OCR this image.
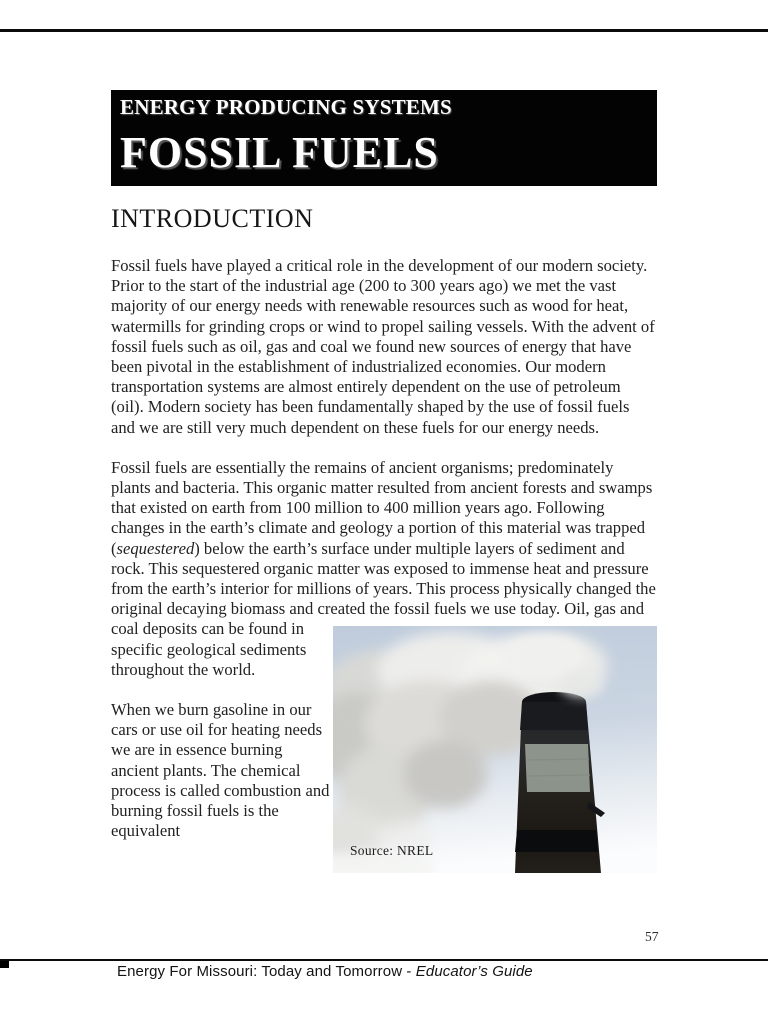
ENERGY PRODUCING SYSTEMS
FOSSIL FUELS
INTRODUCTION

Fossil fuels have played a critical role in the development of our modern society. Prior to the start of the industrial age (200 to 300 years ago) we met the vast majority of our energy needs with renewable resources such as wood for heat, watermills for grinding crops or wind to propel sailing vessels. With the advent of fossil fuels such as oil, gas and coal we found new sources of energy that have been pivotal in the establishment of industrialized economies. Our modern transportation systems are almost entirely dependent on the use of petroleum (oil). Modern society has been fundamentally shaped by the use of fossil fuels and we are still very much dependent on these fuels for our energy needs.

Source: NREL
Fossil fuels are essentially the remains of ancient organisms; predominately plants and bacteria. This organic matter resulted from ancient forests and swamps that existed on earth from 100 million to 400 million years ago. Following changes in the earth’s climate and geology a portion of this material was trapped (sequestered) below the earth’s surface under multiple layers of sediment and rock. This sequestered organic matter was exposed to immense heat and pressure from the earth’s interior for millions of years. This process physically changed the original decaying biomass and created the fossil fuels we use today. Oil, gas and coal deposits can be found in specific geological sediments throughout the world.

When we burn gasoline in our cars or use oil for heating needs we are in essence burning ancient plants. The chemical process is called combustion and burning fossil fuels is the equivalent

57
Energy For Missouri: Today and Tomorrow - Educator’s Guide
